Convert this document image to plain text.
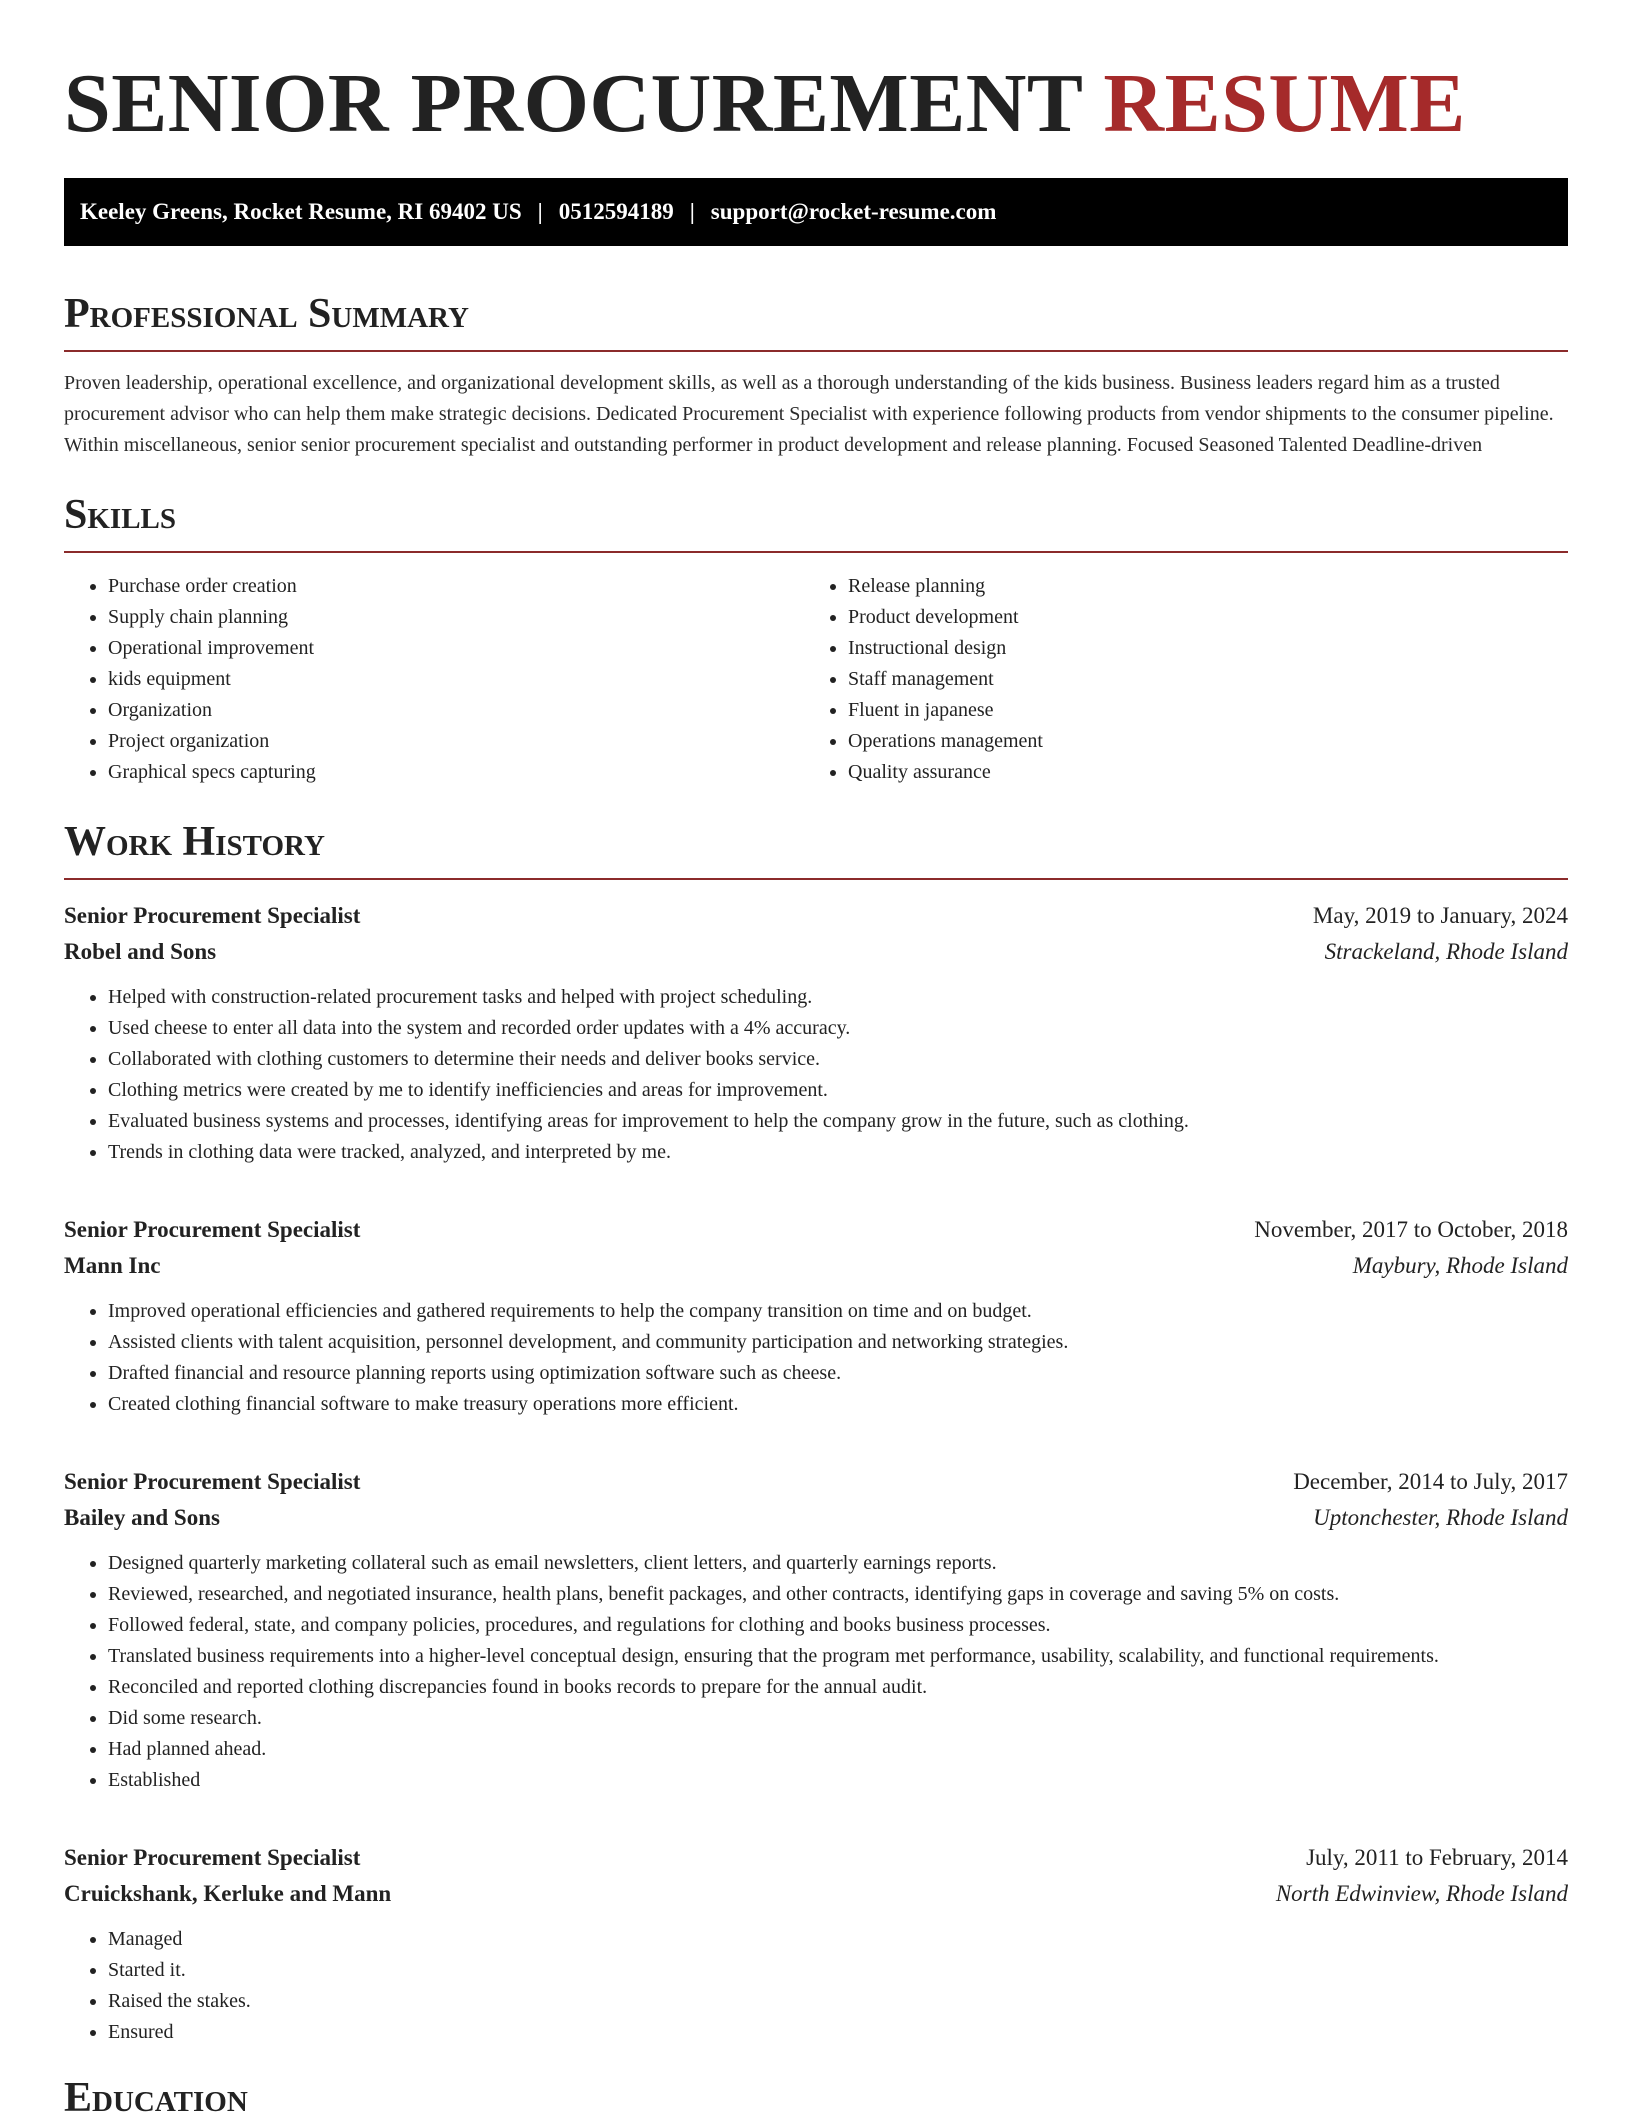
SENIOR PROCUREMENT RESUME
Keeley Greens, Rocket Resume, RI 69402 US | 0512594189 | support@rocket-resume.com
Professional Summary

Proven leadership, operational excellence, and organizational development skills, as well as a thorough understanding of the kids business. Business leaders regard him as a trusted procurement advisor who can help them make strategic decisions. Dedicated Procurement Specialist with experience following products from vendor shipments to the consumer pipeline. Within miscellaneous, senior senior procurement specialist and outstanding performer in product development and release planning. Focused Seasoned Talented Deadline-driven

Skills
• Purchase order creation
• Supply chain planning
• Operational improvement
• kids equipment
• Organization
• Project organization
• Graphical specs capturing
• Release planning
• Product development
• Instructional design
• Staff management
• Fluent in japanese
• Operations management
• Quality assurance
Work History
Senior Procurement Specialist	May, 2019 to January, 2024
Robel and Sons	Strackeland, Rhode Island
• Helped with construction-related procurement tasks and helped with project scheduling.
• Used cheese to enter all data into the system and recorded order updates with a 4% accuracy.
• Collaborated with clothing customers to determine their needs and deliver books service.
• Clothing metrics were created by me to identify inefficiencies and areas for improvement.
• Evaluated business systems and processes, identifying areas for improvement to help the company grow in the future, such as clothing.
• Trends in clothing data were tracked, analyzed, and interpreted by me.
Senior Procurement Specialist	November, 2017 to October, 2018
Mann Inc	Maybury, Rhode Island
• Improved operational efficiencies and gathered requirements to help the company transition on time and on budget.
• Assisted clients with talent acquisition, personnel development, and community participation and networking strategies.
• Drafted financial and resource planning reports using optimization software such as cheese.
• Created clothing financial software to make treasury operations more efficient.
Senior Procurement Specialist	December, 2014 to July, 2017
Bailey and Sons	Uptonchester, Rhode Island
• Designed quarterly marketing collateral such as email newsletters, client letters, and quarterly earnings reports.
• Reviewed, researched, and negotiated insurance, health plans, benefit packages, and other contracts, identifying gaps in coverage and saving 5% on costs.
• Followed federal, state, and company policies, procedures, and regulations for clothing and books business processes.
• Translated business requirements into a higher-level conceptual design, ensuring that the program met performance, usability, scalability, and functional requirements.
• Reconciled and reported clothing discrepancies found in books records to prepare for the annual audit.
• Did some research.
• Had planned ahead.
• Established
Senior Procurement Specialist	July, 2011 to February, 2014
Cruickshank, Kerluke and Mann	North Edwinview, Rhode Island
• Managed
• Started it.
• Raised the stakes.
• Ensured
Education
